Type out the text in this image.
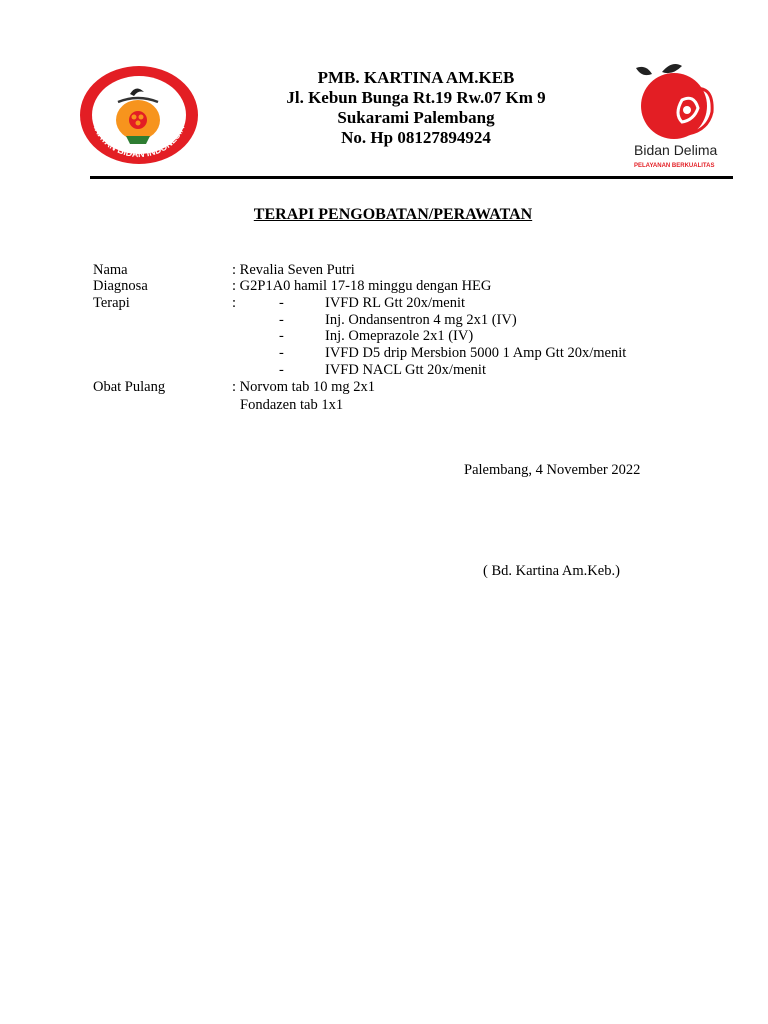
IKATAN BIDAN INDONESIA
PMB. KARTINA AM.KEB
Jl. Kebun Bunga Rt.19 Rw.07 Km 9
Sukarami Palembang
No. Hp 08127894924
Bidan Delima
PELAYANAN BERKUALITAS
TERAPI PENGOBATAN/PERAWATAN
Nama	: Revalia Seven Putri
Diagnosa	: G2P1A0 hamil 17-18 minggu dengan HEG
Terapi	:	-	IVFD RL Gtt 20x/menit
-	Inj. Ondansentron 4 mg 2x1 (IV)
-	Inj. Omeprazole 2x1 (IV)
-	IVFD D5 drip Mersbion 5000 1 Amp Gtt 20x/menit
-	IVFD NACL Gtt 20x/menit
Obat Pulang	: Norvom tab 10 mg 2x1
Fondazen tab 1x1
Palembang, 4 November 2022
( Bd. Kartina Am.Keb.)
